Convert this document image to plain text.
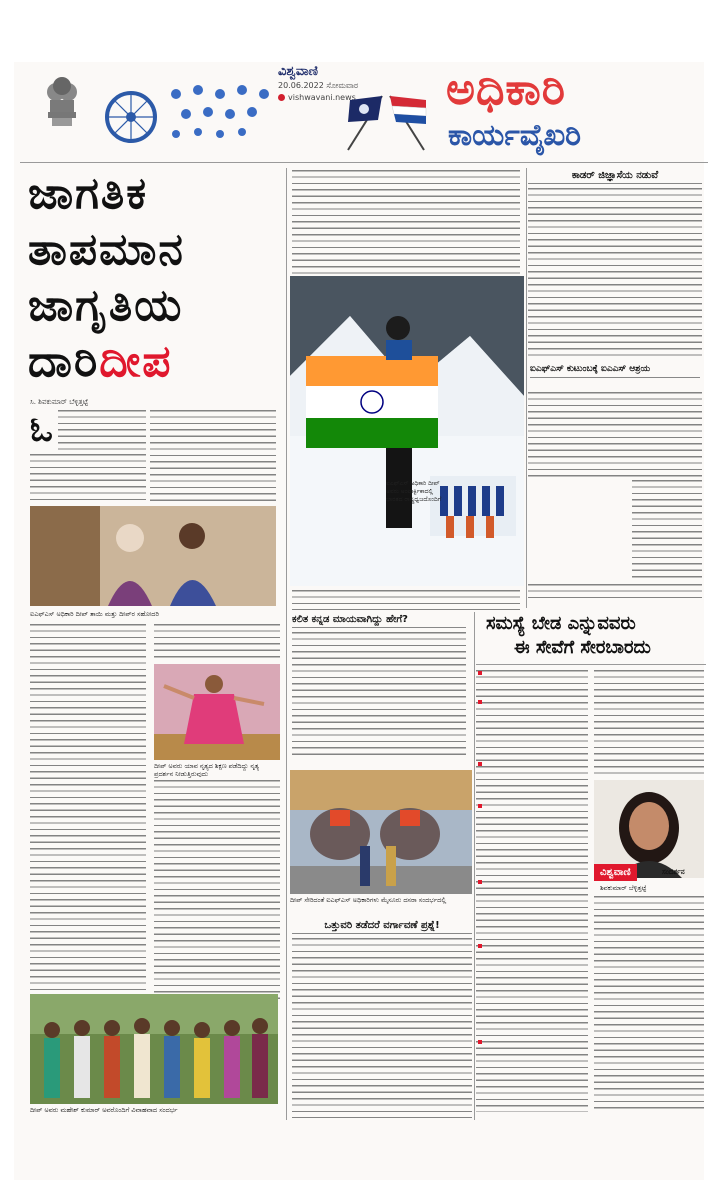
ವಿಶ್ವವಾಣಿ
20.06.2022 ಸೋಮವಾರ
vishwavani.news ಅಧಿಕಾರಿ
ಕಾರ್ಯವೈಖರಿ
ಜಾಗತಿಕ
ತಾಪಮಾನ
ಜಾಗೃತಿಯ
ದಾರಿದೀಪ
ಸಿ. ಶಿವಕುಮಾರ್ ಬೆಳ್ಳಿತ್ತಟ್ಟೆ
ಓ
ಐಎಫ್‌ಎಸ್ ಅಧಿಕಾರಿ ದೀಪ್ ತಾಯಿ ಮತ್ತು ದೀಪ್‌ರ ಸಹೋದರಿ
ದೀಪ್ ಅವರು ಯಾವ ನೃತ್ಯದ ಶಿಕ್ಷಣ ಪಡೆದಿದ್ದು ನೃತ್ಯ ಪ್ರದರ್ಶನ ನೀಡುತ್ತಿರುವುದು
ಐಎಫ್ಎಸ್ ಅಧಿಕಾರಿ ದೀಪ್ ಅವರು ಅಂಟಾರ್ಕ್ಟಿಕಾದಲ್ಲಿ ಭಾರತದ ರಾಷ್ಟ್ರಧ್ವಜದೊಂದಿಗೆ
ಕಾಡರ್ ಜಿಜ್ಞಾಸೆಯ ನಡುವೆ
ಐಎಫ್ಎಸ್ ಕುಟುಂಬಕ್ಕೆ ಐಎಎಸ್ ಆಶ್ರಯ
ಕಲಿತ ಕನ್ನಡ ಮಾಯವಾಗಿದ್ದು ಹೇಗೆ?	ಸಮಸ್ಯೆ ಬೇಡ ಎನ್ನುವವರು
ಈ ಸೇವೆಗೆ ಸೇರಬಾರದು
ವಿಶ್ವವಾಣಿ	ಸಂದರ್ಶನ
ಶಿವಕುಮಾರ್ ಬೆಳ್ಳಿತ್ತಟ್ಟೆ
ದೀಪ್ ಸೇರಿದಂತೆ ಐಎಫ್‌ಎಸ್ ಅಧಿಕಾರಿಗಳು ಮೈಸೂರು ದಸರಾ ಸಂದರ್ಭದಲ್ಲಿ
ಒತ್ತುವರಿ ತಡೆದರೆ ವರ್ಗಾವಣೆ ಪ್ರಶ್ನೆ!
ದೀಪ್ ಅವರು ಮಹೇಶ್ ಕುಮಾರ್ ಅವರೊಂದಿಗೆ ವಿವಾಹವಾದ ಸಂದರ್ಭ
